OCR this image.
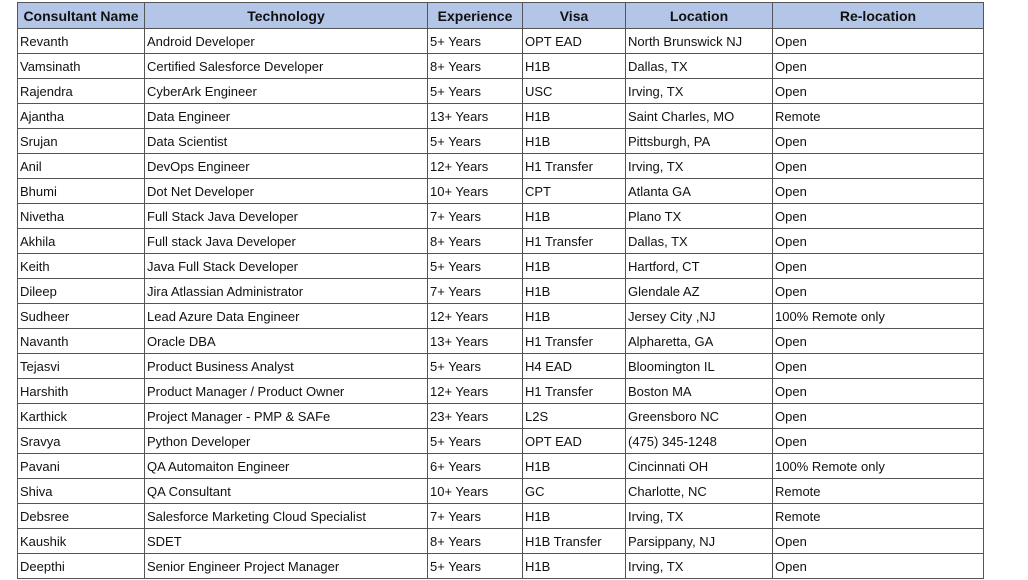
Consultant Name	Technology	Experience	Visa	Location	Re-location
Revanth	Android Developer	5+ Years	OPT EAD	North Brunswick NJ	Open
Vamsinath	Certified Salesforce Developer	8+ Years	H1B	Dallas, TX	Open
Rajendra	CyberArk Engineer	5+ Years	USC	Irving, TX	Open
Ajantha	Data Engineer	13+ Years	H1B	Saint Charles, MO	Remote
Srujan	Data Scientist	5+ Years	H1B	Pittsburgh, PA	Open
Anil	DevOps Engineer	12+ Years	H1 Transfer	Irving, TX	Open
Bhumi	Dot Net Developer	10+ Years	CPT	Atlanta GA	Open
Nivetha	Full Stack Java Developer	7+ Years	H1B	Plano TX	Open
Akhila	Full stack Java Developer	8+ Years	H1 Transfer	Dallas, TX	Open
Keith	Java Full Stack Developer	5+ Years	H1B	Hartford, CT	Open
Dileep	Jira Atlassian Administrator	7+ Years	H1B	Glendale AZ	Open
Sudheer	Lead Azure Data Engineer	12+ Years	H1B	Jersey City ,NJ	100% Remote only
Navanth	Oracle DBA	13+ Years	H1 Transfer	Alpharetta, GA	Open
Tejasvi	Product Business Analyst	5+ Years	H4 EAD	Bloomington IL	Open
Harshith	Product Manager / Product Owner	12+ Years	H1 Transfer	Boston MA	Open
Karthick	Project Manager - PMP & SAFe	23+ Years	L2S	Greensboro NC	Open
Sravya	Python Developer	5+ Years	OPT EAD	(475) 345-1248	Open
Pavani	QA Automaiton Engineer	6+ Years	H1B	Cincinnati OH	100% Remote only
Shiva	QA Consultant	10+ Years	GC	Charlotte, NC	Remote
Debsree	Salesforce Marketing Cloud Specialist	7+ Years	H1B	Irving, TX	Remote
Kaushik	SDET	8+ Years	H1B Transfer	Parsippany, NJ	Open
Deepthi	Senior Engineer Project Manager	5+ Years	H1B	Irving, TX	Open
